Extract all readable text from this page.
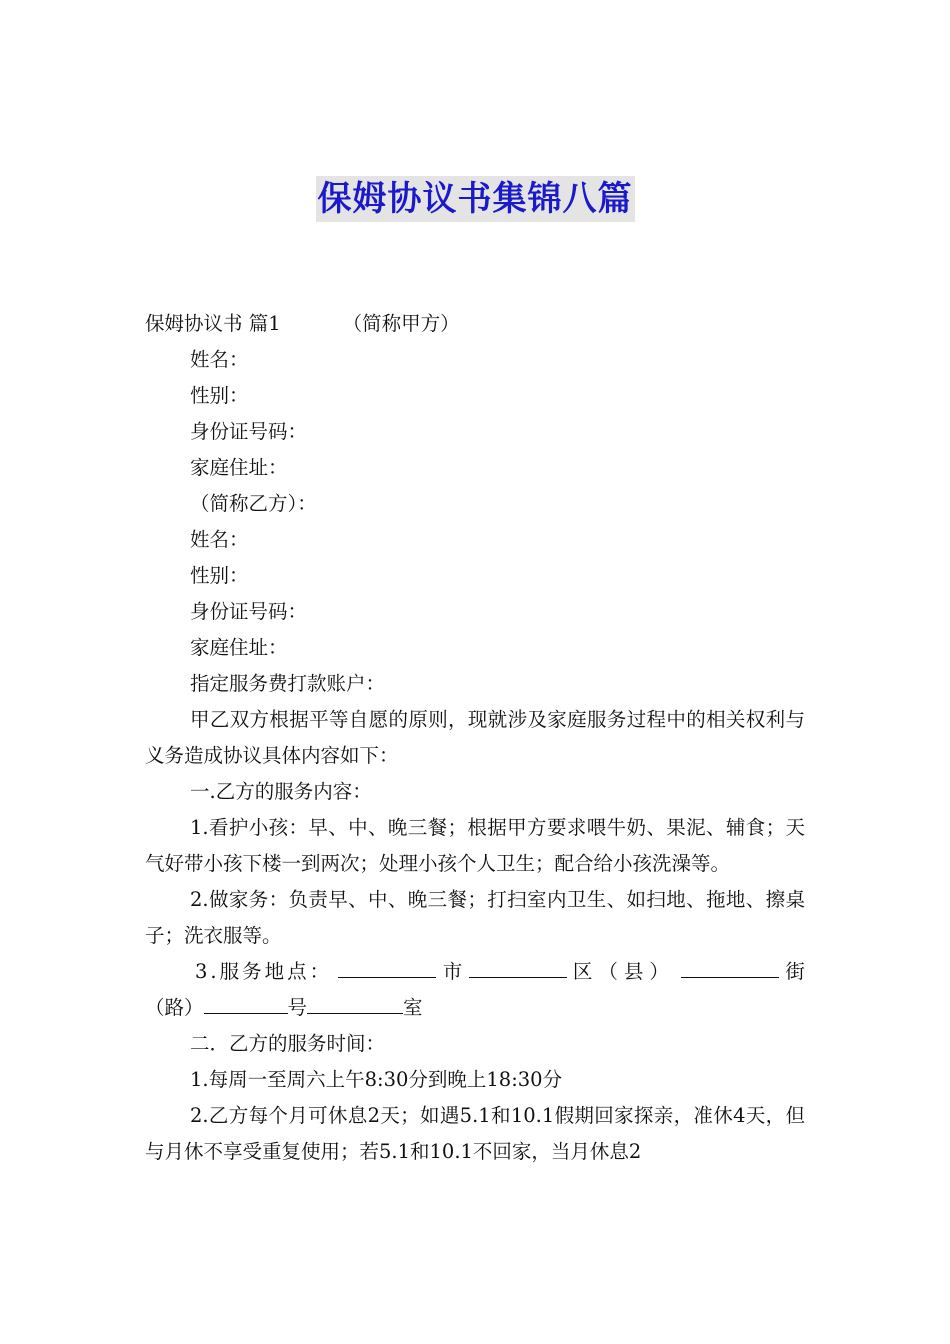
保姆协议书集锦八篇
保姆协议书 篇1	（简称甲方）
姓名：
性别：
身份证号码：
家庭住址：
（简称乙方）：
姓名：
性别：
身份证号码：
家庭住址：
指定服务费打款账户：

甲乙双方根据平等自愿的原则，现就涉及家庭服务过程中的相关权利与义务造成协议具体内容如下：

一.乙方的服务内容：

1.看护小孩：早、中、晚三餐；根据甲方要求喂牛奶、果泥、辅食；天气好带小孩下楼一到两次；处理小孩个人卫生；配合给小孩洗澡等。

2.做家务：负责早、中、晚三餐；打扫室内卫生、如扫地、拖地、擦桌子；洗衣服等。

3.服务地点：	市	区（县）	街
（路）	号	室
二．乙方的服务时间：
1.每周一至周六上午8:30分到晚上18:30分

2.乙方每个月可休息2天；如遇5.1和10.1假期回家探亲，准休4天，但与月休不享受重复使用；若5.1和10.1不回家，当月休息2
